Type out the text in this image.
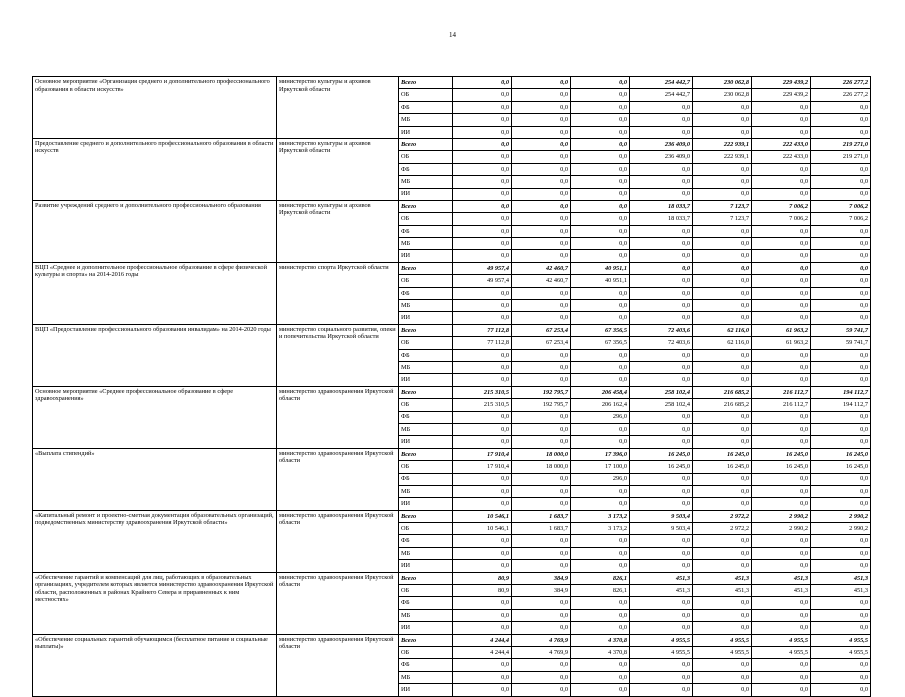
14
Основное мероприятие «Организация среднего и дополнительного профессионального образования в области искусств»	министерство культуры и архивов Иркутской области	Всего	0,0	0,0	0,0	254 442,7	230 062,8	229 439,2	226 277,2
		ОБ	0,0	0,0	0,0	254 442,7	230 062,8	229 439,2	226 277,2
		ФБ	0,0	0,0	0,0	0,0	0,0	0,0	0,0
		МБ	0,0	0,0	0,0	0,0	0,0	0,0	0,0
		ИИ	0,0	0,0	0,0	0,0	0,0	0,0	0,0
Предоставление среднего и дополнительного профессионального образования в области искусств	министерство культуры и архивов Иркутской области	Всего	0,0	0,0	0,0	236 409,0	222 939,1	222 433,0	219 271,0
		ОБ	0,0	0,0	0,0	236 409,0	222 939,1	222 433,0	219 271,0
		ФБ	0,0	0,0	0,0	0,0	0,0	0,0	0,0
		МБ	0,0	0,0	0,0	0,0	0,0	0,0	0,0
		ИИ	0,0	0,0	0,0	0,0	0,0	0,0	0,0
Развитие учреждений среднего и дополнительного профессионального образования	министерство культуры и архивов Иркутской области	Всего	0,0	0,0	0,0	18 033,7	7 123,7	7 006,2	7 006,2
		ОБ	0,0	0,0	0,0	18 033,7	7 123,7	7 006,2	7 006,2
		ФБ	0,0	0,0	0,0	0,0	0,0	0,0	0,0
		МБ	0,0	0,0	0,0	0,0	0,0	0,0	0,0
		ИИ	0,0	0,0	0,0	0,0	0,0	0,0	0,0
ВЦП «Среднее и дополнительное профессиональное образование в сфере физической культуры и спорта» на 2014-2016 годы	министерство спорта Иркутской области	Всего	49 957,4	42 460,7	40 951,1	0,0	0,0	0,0	0,0
		ОБ	49 957,4	42 460,7	40 951,1	0,0	0,0	0,0	0,0
		ФБ	0,0	0,0	0,0	0,0	0,0	0,0	0,0
		МБ	0,0	0,0	0,0	0,0	0,0	0,0	0,0
		ИИ	0,0	0,0	0,0	0,0	0,0	0,0	0,0
ВЦП «Предоставление профессионального образования инвалидам» на 2014-2020 годы	министерство социального развития, опеки и попечительства Иркутской области	Всего	77 112,8	67 253,4	67 356,5	72 403,6	62 116,0	61 963,2	59 741,7
		ОБ	77 112,8	67 253,4	67 356,5	72 403,6	62 116,0	61 963,2	59 741,7
		ФБ	0,0	0,0	0,0	0,0	0,0	0,0	0,0
		МБ	0,0	0,0	0,0	0,0	0,0	0,0	0,0
		ИИ	0,0	0,0	0,0	0,0	0,0	0,0	0,0
Основное мероприятие «Среднее профессиональное образование в сфере здравоохранения»	министерство здравоохранения Иркутской области	Всего	215 310,5	192 795,7	206 458,4	258 102,4	216 685,2	216 112,7	194 112,7
		ОБ	215 310,5	192 795,7	206 162,4	258 102,4	216 685,2	216 112,7	194 112,7
		ФБ	0,0	0,0	296,0	0,0	0,0	0,0	0,0
		МБ	0,0	0,0	0,0	0,0	0,0	0,0	0,0
		ИИ	0,0	0,0	0,0	0,0	0,0	0,0	0,0
«Выплата стипендий»	министерство здравоохранения Иркутской области	Всего	17 910,4	18 000,0	17 396,0	16 245,0	16 245,0	16 245,0	16 245,0
		ОБ	17 910,4	18 000,0	17 100,0	16 245,0	16 245,0	16 245,0	16 245,0
		ФБ	0,0	0,0	296,0	0,0	0,0	0,0	0,0
		МБ	0,0	0,0	0,0	0,0	0,0	0,0	0,0
		ИИ	0,0	0,0	0,0	0,0	0,0	0,0	0,0
«Капитальный ремонт и проектно-сметная документация образовательных организаций, подведомственных министерству здравоохранения Иркутской области»	министерство здравоохранения Иркутской области	Всего	10 546,1	1 683,7	3 173,2	9 503,4	2 972,2	2 990,2	2 990,2
		ОБ	10 546,1	1 683,7	3 173,2	9 503,4	2 972,2	2 990,2	2 990,2
		ФБ	0,0	0,0	0,0	0,0	0,0	0,0	0,0
		МБ	0,0	0,0	0,0	0,0	0,0	0,0	0,0
		ИИ	0,0	0,0	0,0	0,0	0,0	0,0	0,0
«Обеспечение гарантий и компенсаций для лиц, работающих в образовательных организациях, учредителем которых является министерство здравоохранения Иркутской области, расположенных в районах Крайнего Севера и приравненных к ним местностях»	министерство здравоохранения Иркутской области	Всего	80,9	384,9	826,1	451,3	451,3	451,3	451,3
		ОБ	80,9	384,9	826,1	451,3	451,3	451,3	451,3
		ФБ	0,0	0,0	0,0	0,0	0,0	0,0	0,0
		МБ	0,0	0,0	0,0	0,0	0,0	0,0	0,0
		ИИ	0,0	0,0	0,0	0,0	0,0	0,0	0,0
«Обеспечение социальных гарантий обучающимся (бесплатное питание и социальные выплаты)»	министерство здравоохранения Иркутской области	Всего	4 244,4	4 769,9	4 370,8	4 955,5	4 955,5	4 955,5	4 955,5
		ОБ	4 244,4	4 769,9	4 370,8	4 955,5	4 955,5	4 955,5	4 955,5
		ФБ	0,0	0,0	0,0	0,0	0,0	0,0	0,0
		МБ	0,0	0,0	0,0	0,0	0,0	0,0	0,0
		ИИ	0,0	0,0	0,0	0,0	0,0	0,0	0,0
